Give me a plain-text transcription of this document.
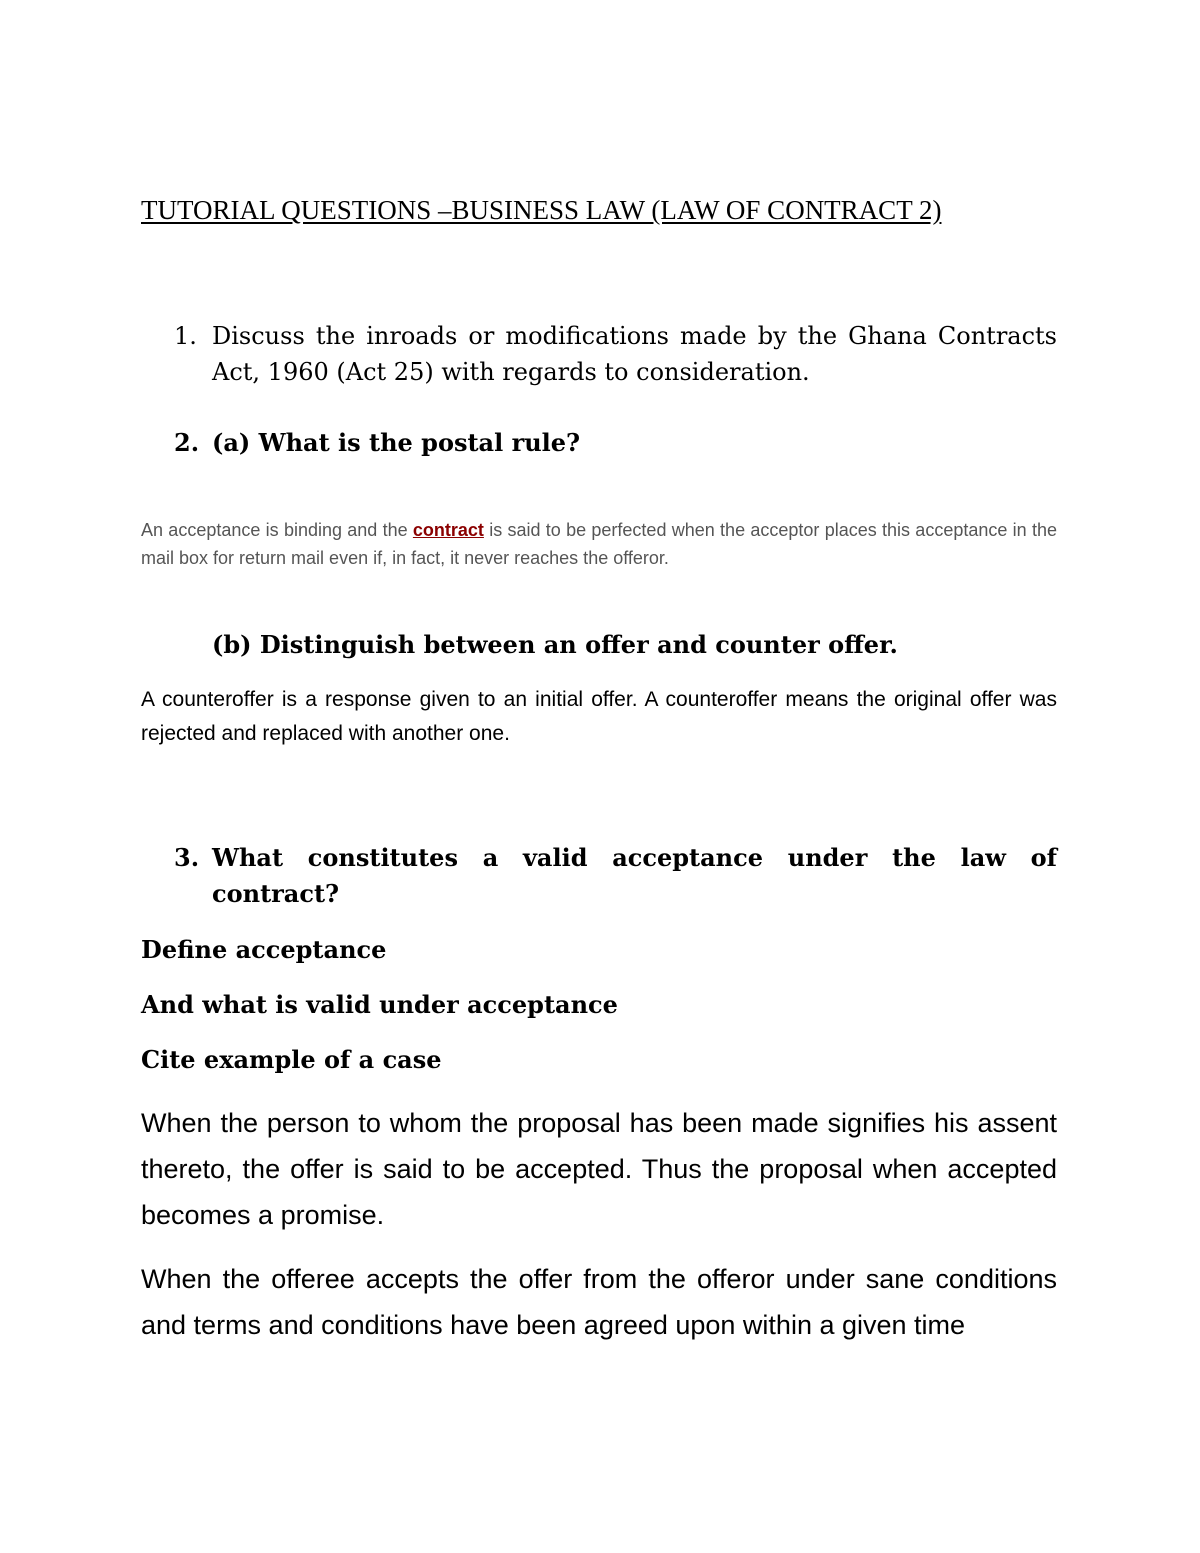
TUTORIAL QUESTIONS –BUSINESS LAW (LAW OF CONTRACT 2)

1. Discuss the inroads or modifications made by the Ghana Contracts Act, 1960 (Act 25) with regards to consideration.
2. (a) What is the postal rule?

An acceptance is binding and the contract is said to be perfected when the acceptor places this acceptance in the mail box for return mail even if, in fact, it never reaches the offeror.

(b) Distinguish between an offer and counter offer.

A counteroffer is a response given to an initial offer. A counteroffer means the original offer was rejected and replaced with another one.

3. What constitutes a valid acceptance under the law of contract?

Define acceptance

And what is valid under acceptance

Cite example of a case

When the person to whom the proposal has been made signifies his assent thereto, the offer is said to be accepted. Thus the proposal when accepted becomes a promise.

When the offeree accepts the offer from the offeror under sane conditions and terms and conditions have been agreed upon within a given time
